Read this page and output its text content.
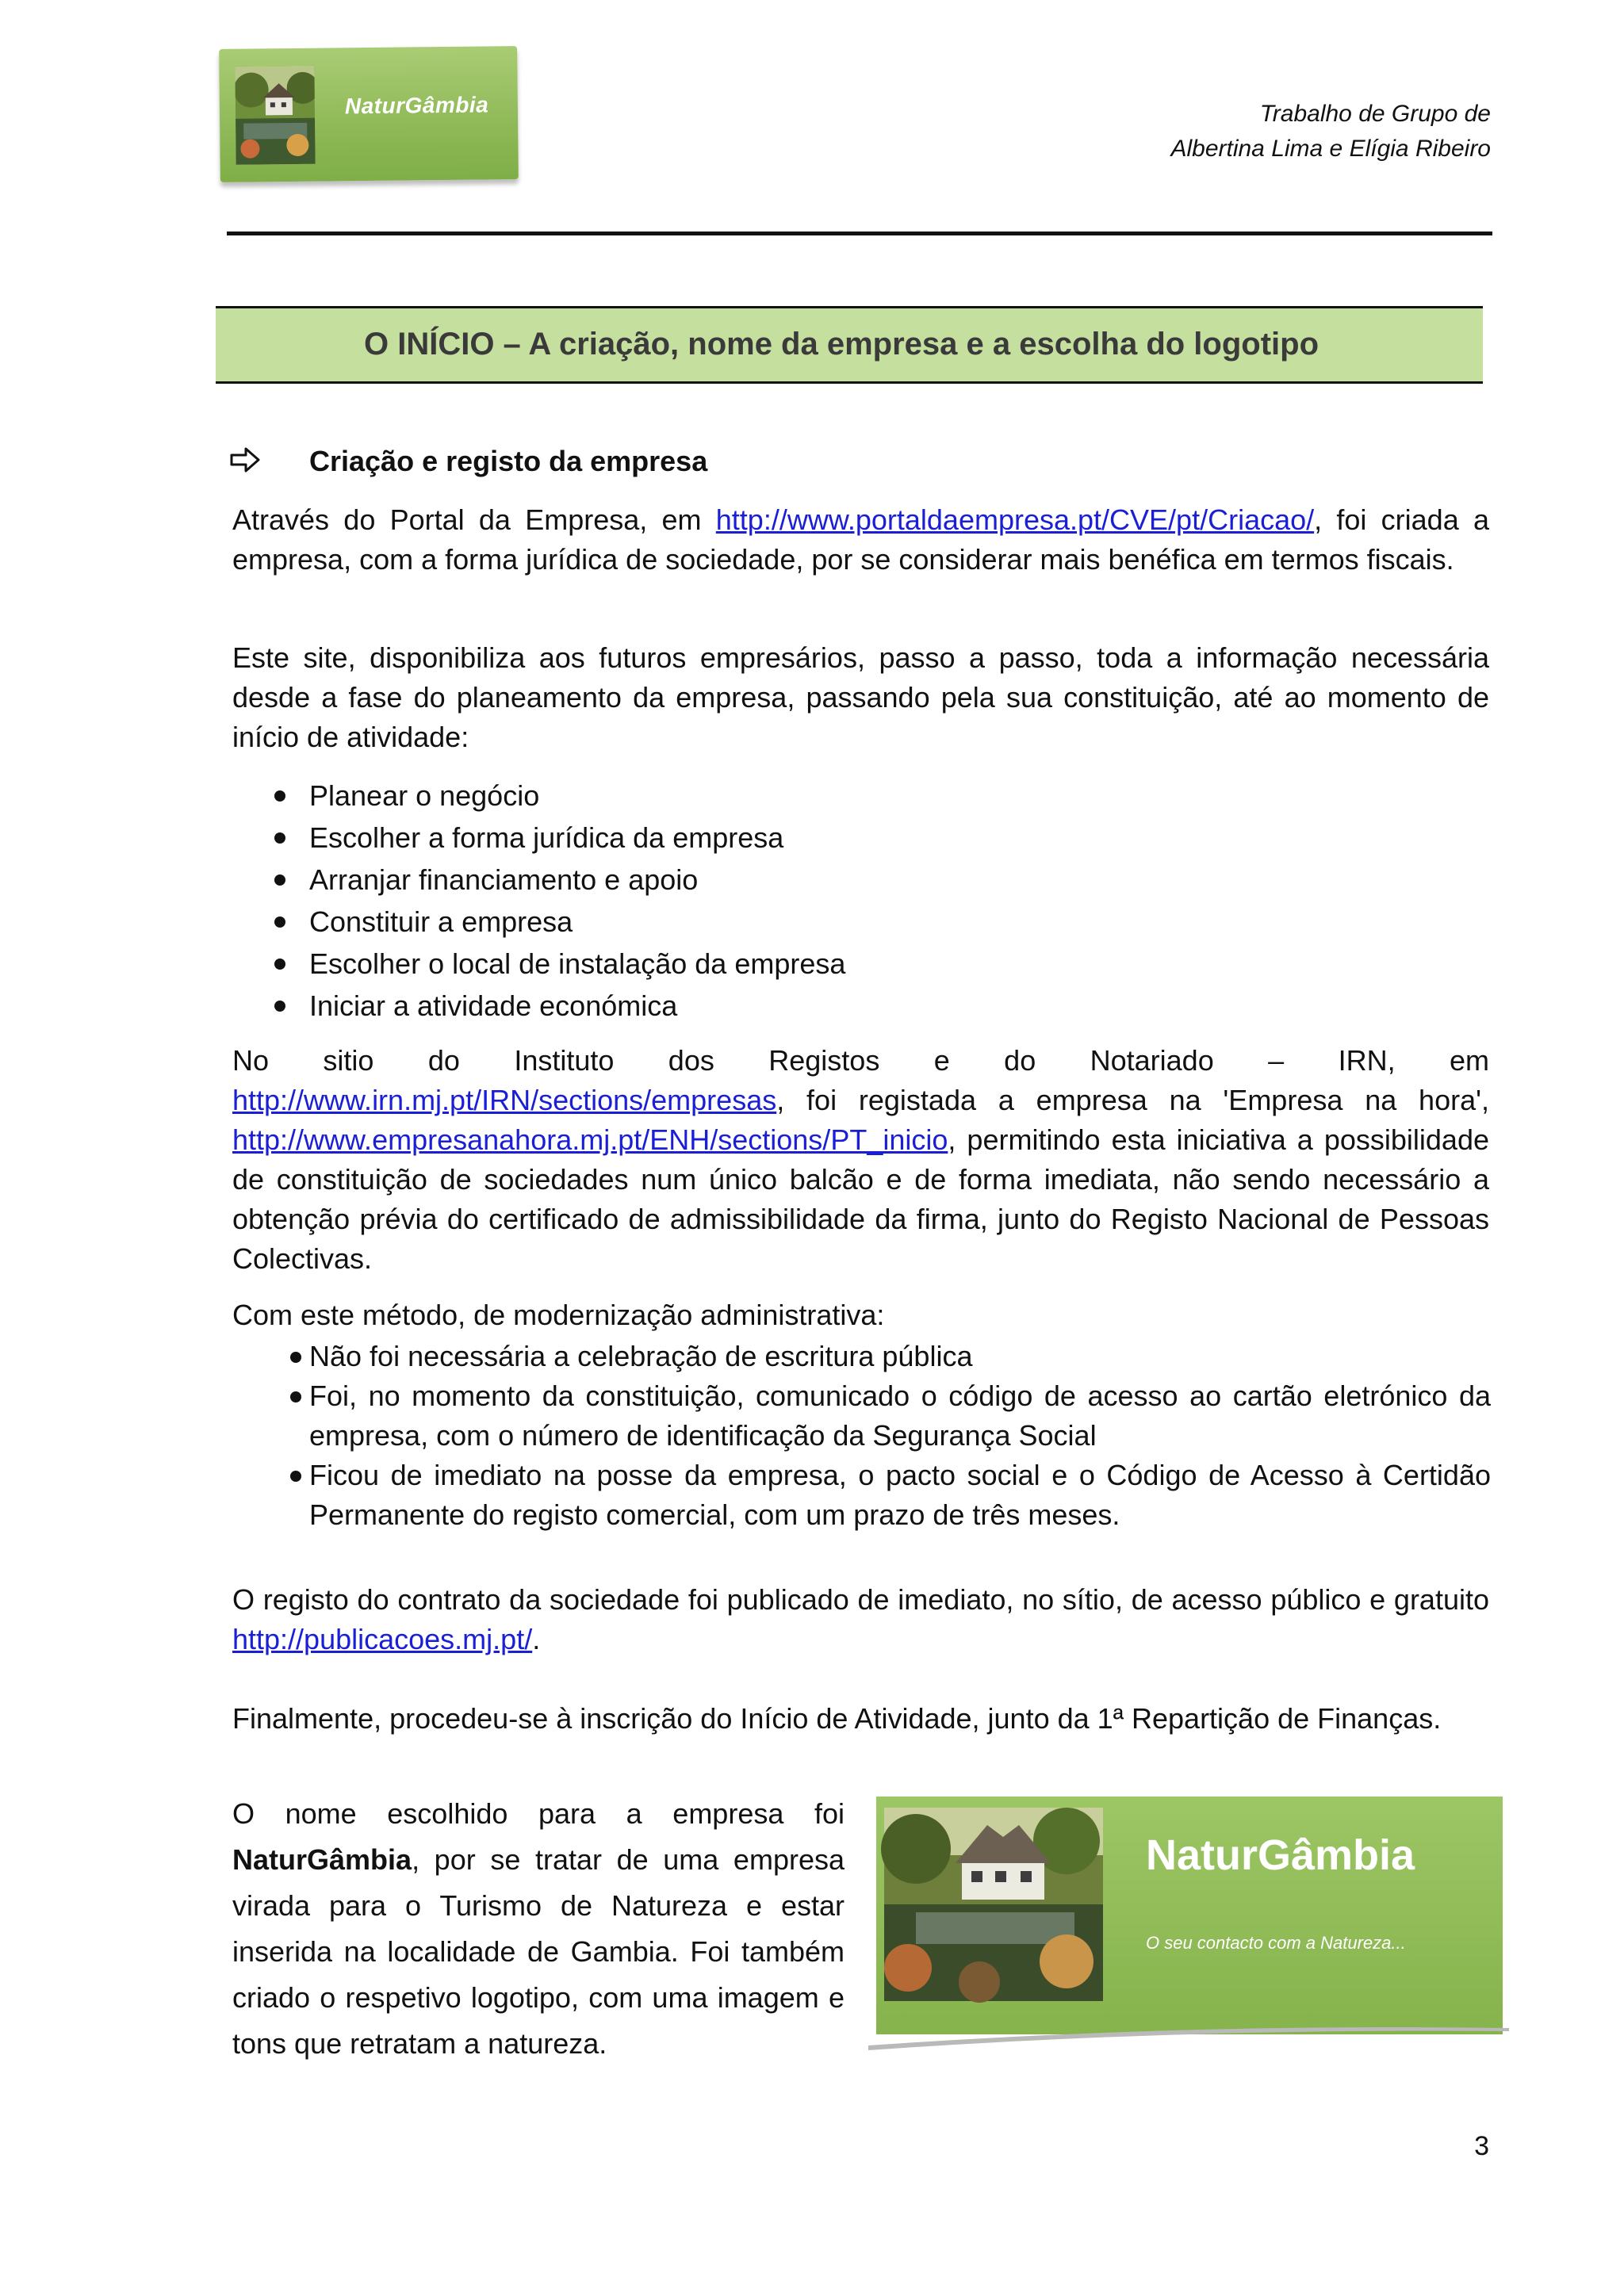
NaturGâmbia	Trabalho de Grupo de
Albertina Lima e Elígia Ribeiro
O INÍCIO – A criação, nome da empresa e a escolha do logotipo
Criação e registo da empresa

Através do Portal da Empresa, em http://www.portaldaempresa.pt/CVE/pt/Criacao/, foi criada a empresa, com a forma jurídica de sociedade, por se considerar mais benéfica em termos fiscais.

Este site, disponibiliza aos futuros empresários, passo a passo, toda a informação necessária desde a fase do planeamento da empresa, passando pela sua constituição, até ao momento de início de atividade:

Planear o negócio
Escolher a forma jurídica da empresa
Arranjar financiamento e apoio
Constituir a empresa
Escolher o local de instalação da empresa
Iniciar a atividade económica

No sitio do Instituto dos Registos e do Notariado – IRN, em http://www.irn.mj.pt/IRN/sections/empresas, foi registada a empresa na 'Empresa na hora', http://www.empresanahora.mj.pt/ENH/sections/PT_inicio, permitindo esta iniciativa a possibilidade de constituição de sociedades num único balcão e de forma imediata, não sendo necessário a obtenção prévia do certificado de admissibilidade da firma, junto do Registo Nacional de Pessoas Colectivas.

Com este método, de modernização administrativa:

Não foi necessária a celebração de escritura pública
Foi, no momento da constituição, comunicado o código de acesso ao cartão eletrónico da empresa, com o número de identificação da Segurança Social
Ficou de imediato na posse da empresa, o pacto social e o Código de Acesso à Certidão Permanente do registo comercial, com um prazo de três meses.

O registo do contrato da sociedade foi publicado de imediato, no sítio, de acesso público e gratuito http://publicacoes.mj.pt/.

Finalmente, procedeu-se à inscrição do Início de Atividade, junto da 1ª Repartição de Finanças.

O nome escolhido para a empresa foi NaturGâmbia, por se tratar de uma empresa virada para o Turismo de Natureza e estar inserida na localidade de Gambia. Foi também criado o respetivo logotipo, com uma imagem e tons que retratam a natureza.

NaturGâmbia
O seu contacto com a Natureza...
3
